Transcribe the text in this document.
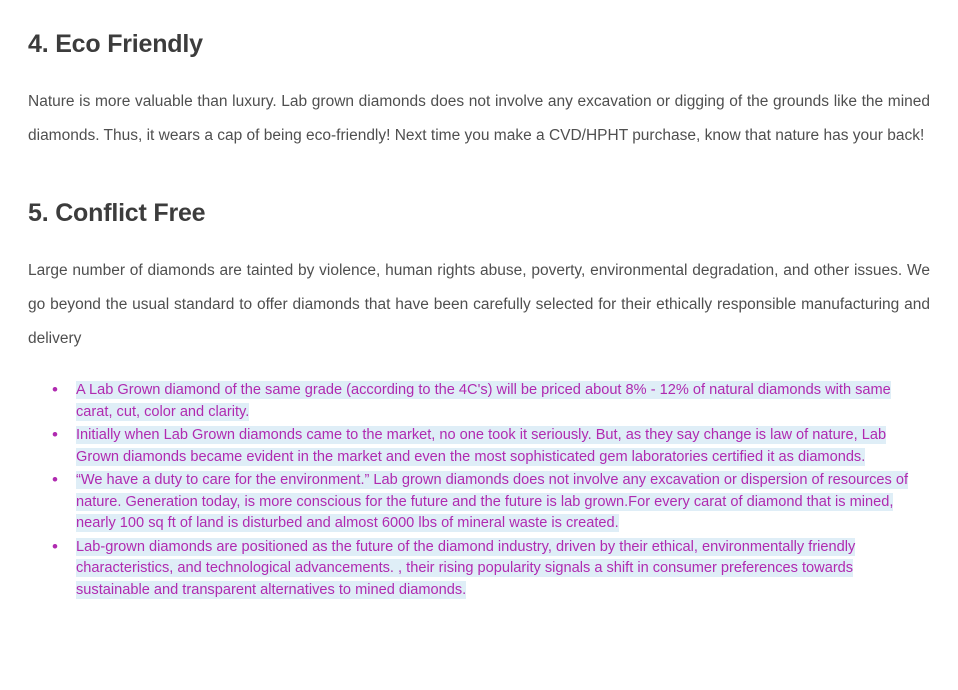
4. Eco Friendly

Nature is more valuable than luxury. Lab grown diamonds does not involve any excavation or digging of the grounds like the mined diamonds. Thus, it wears a cap of being eco-friendly! Next time you make a CVD/HPHT purchase, know that nature has your back!

5. Conflict Free

Large number of diamonds are tainted by violence, human rights abuse, poverty, environmental degradation, and other issues. We go beyond the usual standard to offer diamonds that have been carefully selected for their ethically responsible manufacturing and delivery

• A Lab Grown diamond of the same grade (according to the 4C's) will be priced about 8% - 12% of natural diamonds with same carat, cut, color and clarity.
• Initially when Lab Grown diamonds came to the market, no one took it seriously. But, as they say change is law of nature, Lab Grown diamonds became evident in the market and even the most sophisticated gem laboratories certified it as diamonds.
• “We have a duty to care for the environment.” Lab grown diamonds does not involve any excavation or dispersion of resources of nature. Generation today, is more conscious for the future and the future is lab grown.For every carat of diamond that is mined, nearly 100 sq ft of land is disturbed and almost 6000 lbs of mineral waste is created.
• Lab-grown diamonds are positioned as the future of the diamond industry, driven by their ethical, environmentally friendly characteristics, and technological advancements. , their rising popularity signals a shift in consumer preferences towards sustainable and transparent alternatives to mined diamonds.
